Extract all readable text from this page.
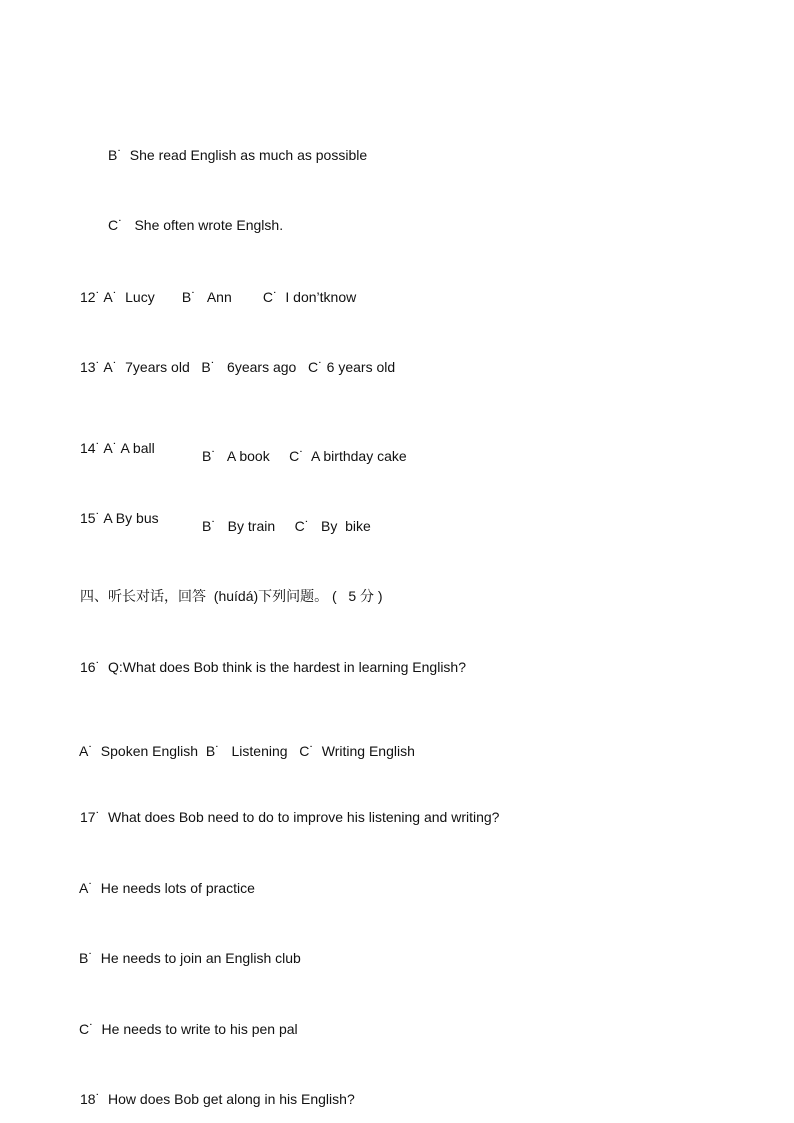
B˙  She read English as much as possible
C˙   She often wrote Englsh.
12˙ A˙  Lucy       B˙   Ann        C˙  I don’tknow
13˙ A˙  7years old   B˙   6years ago   C˙ 6 years old
14˙ A˙ A ball	B˙   A book     C˙  A birthday cake
15˙ A By bus	B˙   By train     C˙   By  bike
四、听长对话，回答  (huídá)下列问题。 (   5 分 )
16˙  Q:What does Bob think is the hardest in learning English?
A˙  Spoken English  B˙   Listening   C˙  Writing English
17˙  What does Bob need to do to improve his listening and writing?
A˙  He needs lots of practice
B˙  He needs to join an English club
C˙  He needs to write to his pen pal
18˙  How does Bob get along in his English?
